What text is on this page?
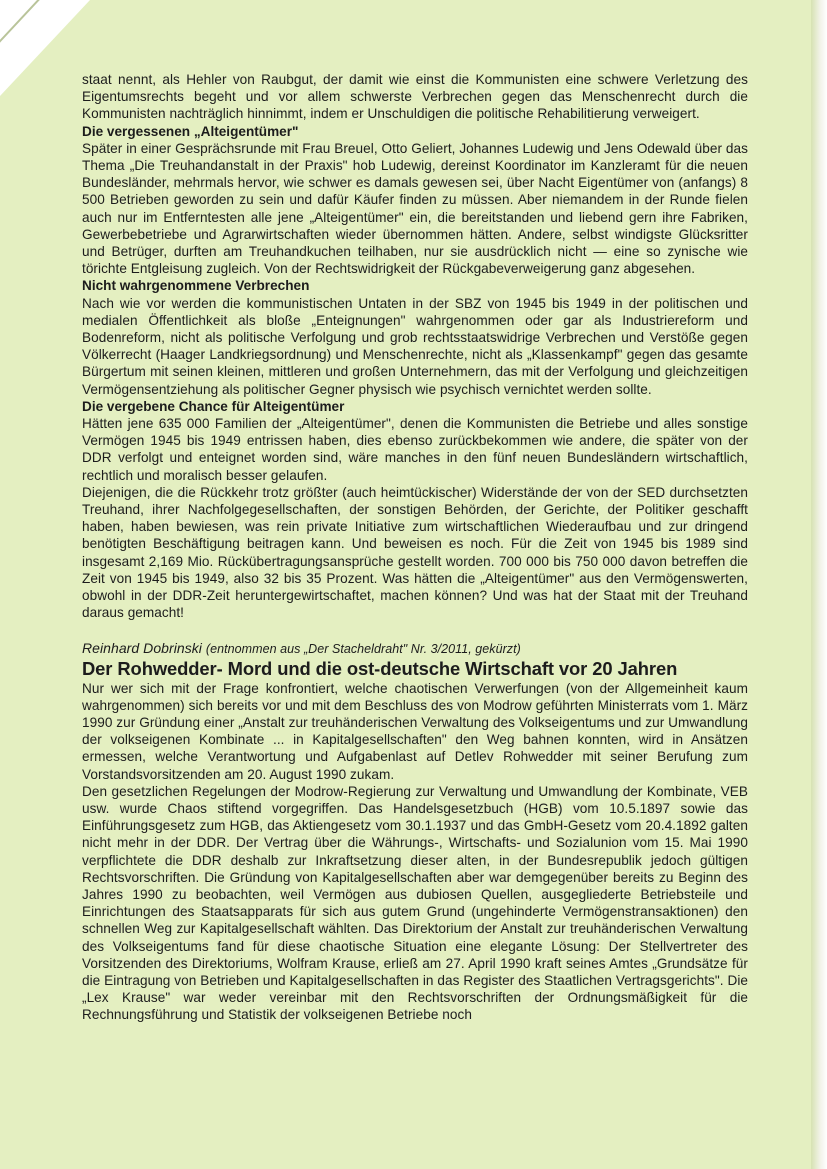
staat nennt, als Hehler von Raubgut, der damit wie einst die Kommunisten eine schwere Verletzung des Eigentumsrechts begeht und vor allem schwerste Verbrechen gegen das Menschenrecht durch die Kommunisten nachträglich hinnimmt, indem er Unschuldigen die politische Rehabilitierung verweigert.

Die vergessenen „Alteigentümer"

Später in einer Gesprächsrunde mit Frau Breuel, Otto Geliert, Johannes Ludewig und Jens Odewald über das Thema „Die Treuhandanstalt in der Praxis" hob Ludewig, dereinst Koordinator im Kanzleramt für die neuen Bundesländer, mehrmals hervor, wie schwer es damals gewesen sei, über Nacht Eigentümer von (anfangs) 8 500 Betrieben geworden zu sein und dafür Käufer finden zu müssen. Aber niemandem in der Runde fielen auch nur im Entferntesten alle jene „Alteigentümer" ein, die bereitstanden und liebend gern ihre Fabriken, Gewerbebetriebe und Agrarwirtschaften wieder übernommen hätten. Andere, selbst windigste Glücksritter und Betrüger, durften am Treuhandkuchen teilhaben, nur sie ausdrücklich nicht — eine so zynische wie törichte Entgleisung zugleich. Von der Rechtswidrigkeit der Rückgabeverweigerung ganz abgesehen.

Nicht wahrgenommene Verbrechen

Nach wie vor werden die kommunistischen Untaten in der SBZ von 1945 bis 1949 in der politischen und medialen Öffentlichkeit als bloße „Enteignungen" wahrgenommen oder gar als Industriereform und Bodenreform, nicht als politische Verfolgung und grob rechtsstaatswidrige Verbrechen und Verstöße gegen Völkerrecht (Haager Landkriegsordnung) und Menschenrechte, nicht als „Klassenkampf" gegen das gesamte Bürgertum mit seinen kleinen, mittleren und großen Unternehmern, das mit der Verfolgung und gleichzeitigen Vermögensentziehung als politischer Gegner physisch wie psychisch vernichtet werden sollte.

Die vergebene Chance für Alteigentümer

Hätten jene 635 000 Familien der „Alteigentümer", denen die Kommunisten die Betriebe und alles sonstige Vermögen 1945 bis 1949 entrissen haben, dies ebenso zurückbekommen wie andere, die später von der DDR verfolgt und enteignet worden sind, wäre manches in den fünf neuen Bundesländern wirtschaftlich, rechtlich und moralisch besser gelaufen.

Diejenigen, die die Rückkehr trotz größter (auch heimtückischer) Widerstände der von der SED durchsetzten Treuhand, ihrer Nachfolgegesellschaften, der sonstigen Behörden, der Gerichte, der Politiker geschafft haben, haben bewiesen, was rein private Initiative zum wirtschaftlichen Wiederaufbau und zur dringend benötigten Beschäftigung beitragen kann. Und beweisen es noch. Für die Zeit von 1945 bis 1989 sind insgesamt 2,169 Mio. Rückübertragungsansprüche gestellt worden. 700 000 bis 750 000 davon betreffen die Zeit von 1945 bis 1949, also 32 bis 35 Prozent. Was hätten die „Alteigentümer" aus den Vermögenswerten, obwohl in der DDR-Zeit heruntergewirtschaftet, machen können? Und was hat der Staat mit der Treuhand daraus gemacht!

Reinhard Dobrinski (entnommen aus „Der Stacheldraht" Nr. 3/2011, gekürzt)

Der Rohwedder- Mord und die ost-deutsche Wirtschaft vor 20 Jahren

Nur wer sich mit der Frage konfrontiert, welche chaotischen Verwerfungen (von der Allgemeinheit kaum wahrgenommen) sich bereits vor und mit dem Beschluss des von Modrow geführten Ministerrats vom 1. März 1990 zur Gründung einer „Anstalt zur treuhänderischen Verwaltung des Volkseigentums und zur Umwandlung der volkseigenen Kombinate ... in Kapitalgesellschaften" den Weg bahnen konnten, wird in Ansätzen ermessen, welche Verantwortung und Aufgabenlast auf Detlev Rohwedder mit seiner Berufung zum Vorstandsvorsitzenden am 20. August 1990 zukam.

Den gesetzlichen Regelungen der Modrow-Regierung zur Verwaltung und Umwandlung der Kombinate, VEB usw. wurde Chaos stiftend vorgegriffen. Das Handelsgesetzbuch (HGB) vom 10.5.1897 sowie das Einführungsgesetz zum HGB, das Aktiengesetz vom 30.1.1937 und das GmbH-Gesetz vom 20.4.1892 galten nicht mehr in der DDR. Der Vertrag über die Währungs-, Wirtschafts- und Sozialunion vom 15. Mai 1990 verpflichtete die DDR deshalb zur Inkraftsetzung dieser alten, in der Bundesrepublik jedoch gültigen Rechtsvorschriften. Die Gründung von Kapitalgesellschaften aber war demgegenüber bereits zu Beginn des Jahres 1990 zu beobachten, weil Vermögen aus dubiosen Quellen, ausgegliederte Betriebsteile und Einrichtungen des Staatsapparats für sich aus gutem Grund (ungehinderte Vermögenstransaktionen) den schnellen Weg zur Kapitalgesellschaft wählten. Das Direktorium der Anstalt zur treuhänderischen Verwaltung des Volkseigentums fand für diese chaotische Situation eine elegante Lösung: Der Stellvertreter des Vorsitzenden des Direktoriums, Wolfram Krause, erließ am 27. April 1990 kraft seines Amtes „Grundsätze für die Eintragung von Betrieben und Kapitalgesellschaften in das Register des Staatlichen Vertragsgerichts". Die „Lex Krause" war weder vereinbar mit den Rechtsvorschriften der Ordnungsmäßigkeit für die Rechnungsführung und Statistik der volkseigenen Betriebe noch
